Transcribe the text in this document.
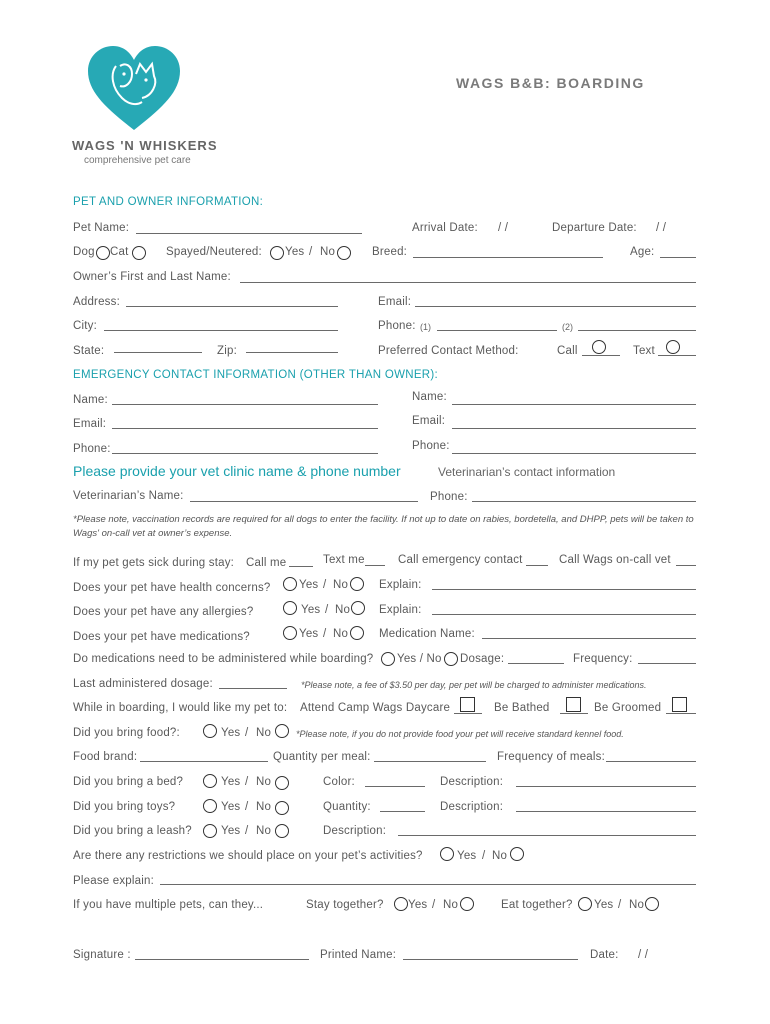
WAGS 'N WHISKERS
comprehensive pet care
WAGS B&B: BOARDING
PET AND OWNER INFORMATION:
Pet Name:	Arrival Date: / /	Departure Date: / /
Dog Cat	Spayed/Neutered: Yes / No	Breed:	Age:
Owner’s First and Last Name:
Address:	Email:
City:	Phone: (1)	(2)
State:	Zip:	Preferred Contact Method:	Call	Text
EMERGENCY CONTACT INFORMATION (OTHER THAN OWNER):
Name:	Name:
Email:	Email:
Phone:	Phone:
Please provide your vet clinic name & phone number	Veterinarian’s contact information
Veterinarian’s Name:	Phone:
*Please note, vaccination records are required for all dogs to enter the facility. If not up to date on rabies, bordetella, and DHPP, pets will be taken to Wags' on-call vet at owner’s expense.
If my pet gets sick during stay: Call me	Text me	Call emergency contact	Call Wags on-call vet
Does your pet have health concerns? Yes / No	Explain:
Does your pet have any allergies?	Yes / No	Explain:
Does your pet have medications?	Yes / No	Medication Name:
Do medications need to be administered while boarding? Yes / No Dosage:	Frequency:
Last administered dosage:	*Please note, a fee of $3.50 per day, per pet will be charged to administer medications.
While in boarding, I would like my pet to: Attend Camp Wags Daycare	Be Bathed	Be Groomed
Did you bring food?:	Yes / No	*Please note, if you do not provide food your pet will receive standard kennel food.
Food brand:	Quantity per meal:	Frequency of meals:
Did you bring a bed?	Yes / No	Color:	Description:
Did you bring toys?	Yes / No	Quantity:	Description:
Did you bring a leash?	Yes / No	Description:
Are there any restrictions we should place on your pet’s activities?	Yes / No
Please explain:
If you have multiple pets, can they...	Stay together? Yes / No	Eat together? Yes / No
Signature :	Printed Name:	Date: / /
